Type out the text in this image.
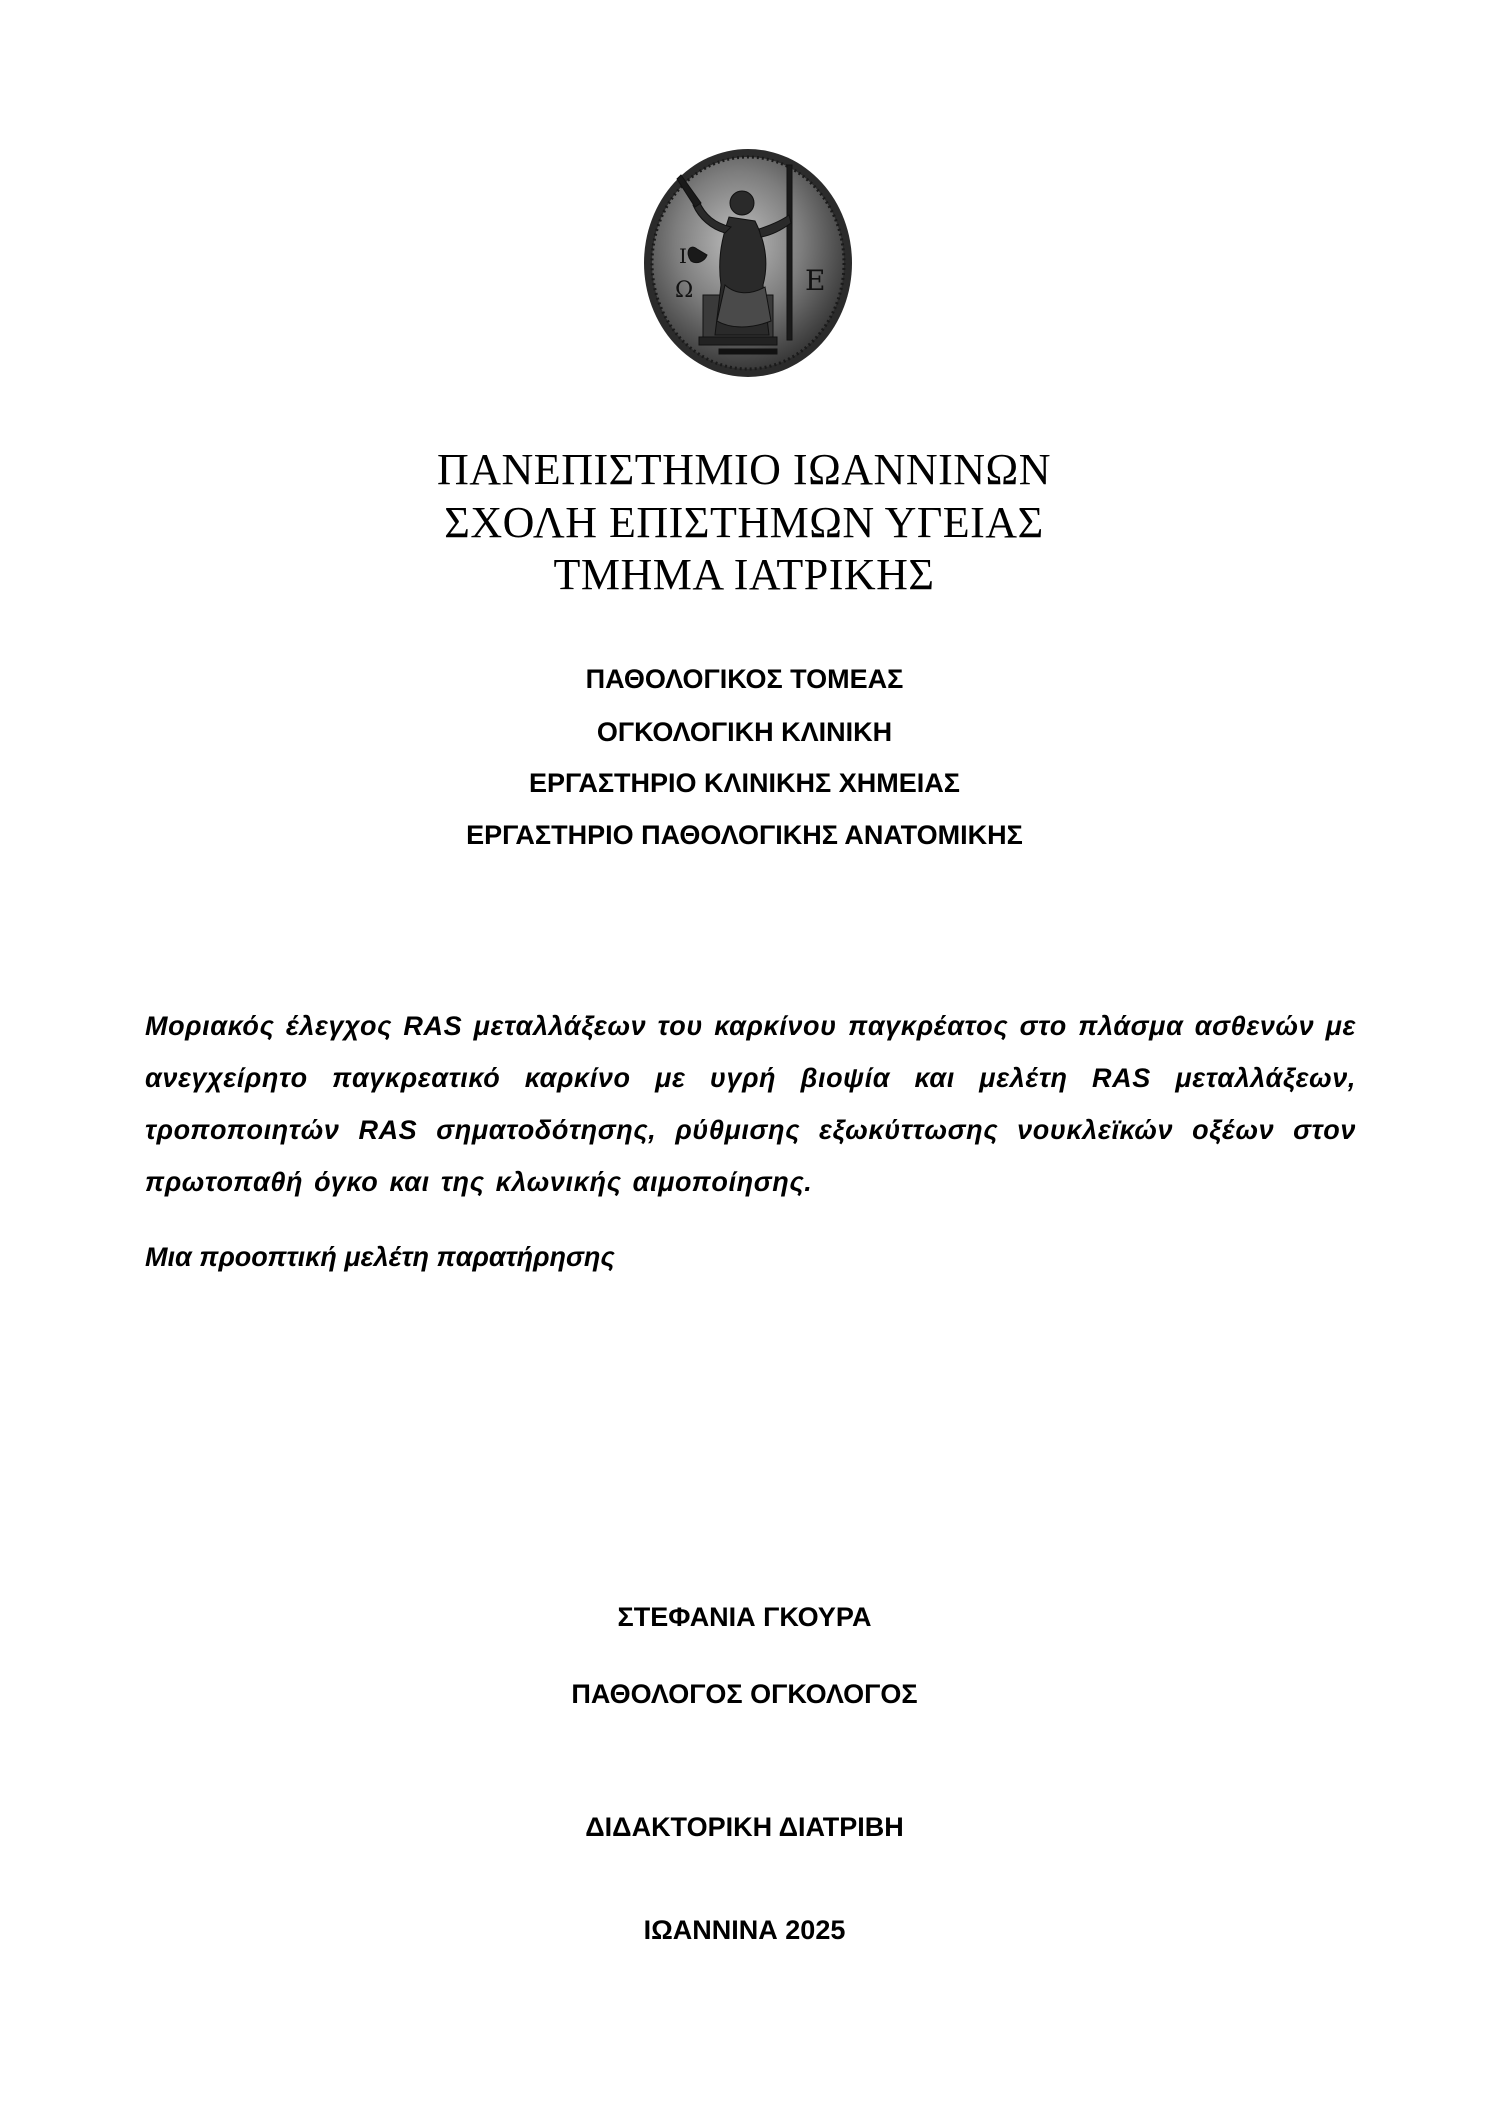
Ε
Ι
Ω
ΠΑΝΕΠΙΣΤΗΜΙΟ ΙΩΑΝΝΙΝΩΝ
ΣΧΟΛΗ ΕΠΙΣΤΗΜΩΝ ΥΓΕΙΑΣ
ΤΜΗΜΑ ΙΑΤΡΙΚΗΣ
ΠΑΘΟΛΟΓΙΚΟΣ ΤΟΜΕΑΣ
ΟΓΚΟΛΟΓΙΚΗ ΚΛΙΝΙΚΗ
ΕΡΓΑΣΤΗΡΙΟ ΚΛΙΝΙΚΗΣ ΧΗΜΕΙΑΣ
ΕΡΓΑΣΤΗΡΙΟ ΠΑΘΟΛΟΓΙΚΗΣ ΑΝΑΤΟΜΙΚΗΣ
Μοριακός έλεγχος RAS μεταλλάξεων του καρκίνου παγκρέατος στο πλάσμα ασθενών με ανεγχείρητο παγκρεατικό καρκίνο με υγρή βιοψία και μελέτη RAS μεταλλάξεων, τροποποιητών RAS σηματοδότησης, ρύθμισης εξωκύττωσης νουκλεϊκών οξέων στον πρωτοπαθή όγκο και της κλωνικής αιμοποίησης.
Μια προοπτική μελέτη παρατήρησης
ΣΤΕΦΑΝΙΑ ΓΚΟΥΡΑ
ΠΑΘΟΛΟΓΟΣ ΟΓΚΟΛΟΓΟΣ
ΔΙΔΑΚΤΟΡΙΚΗ ΔΙΑΤΡΙΒΗ
ΙΩΑΝΝΙΝΑ 2025
